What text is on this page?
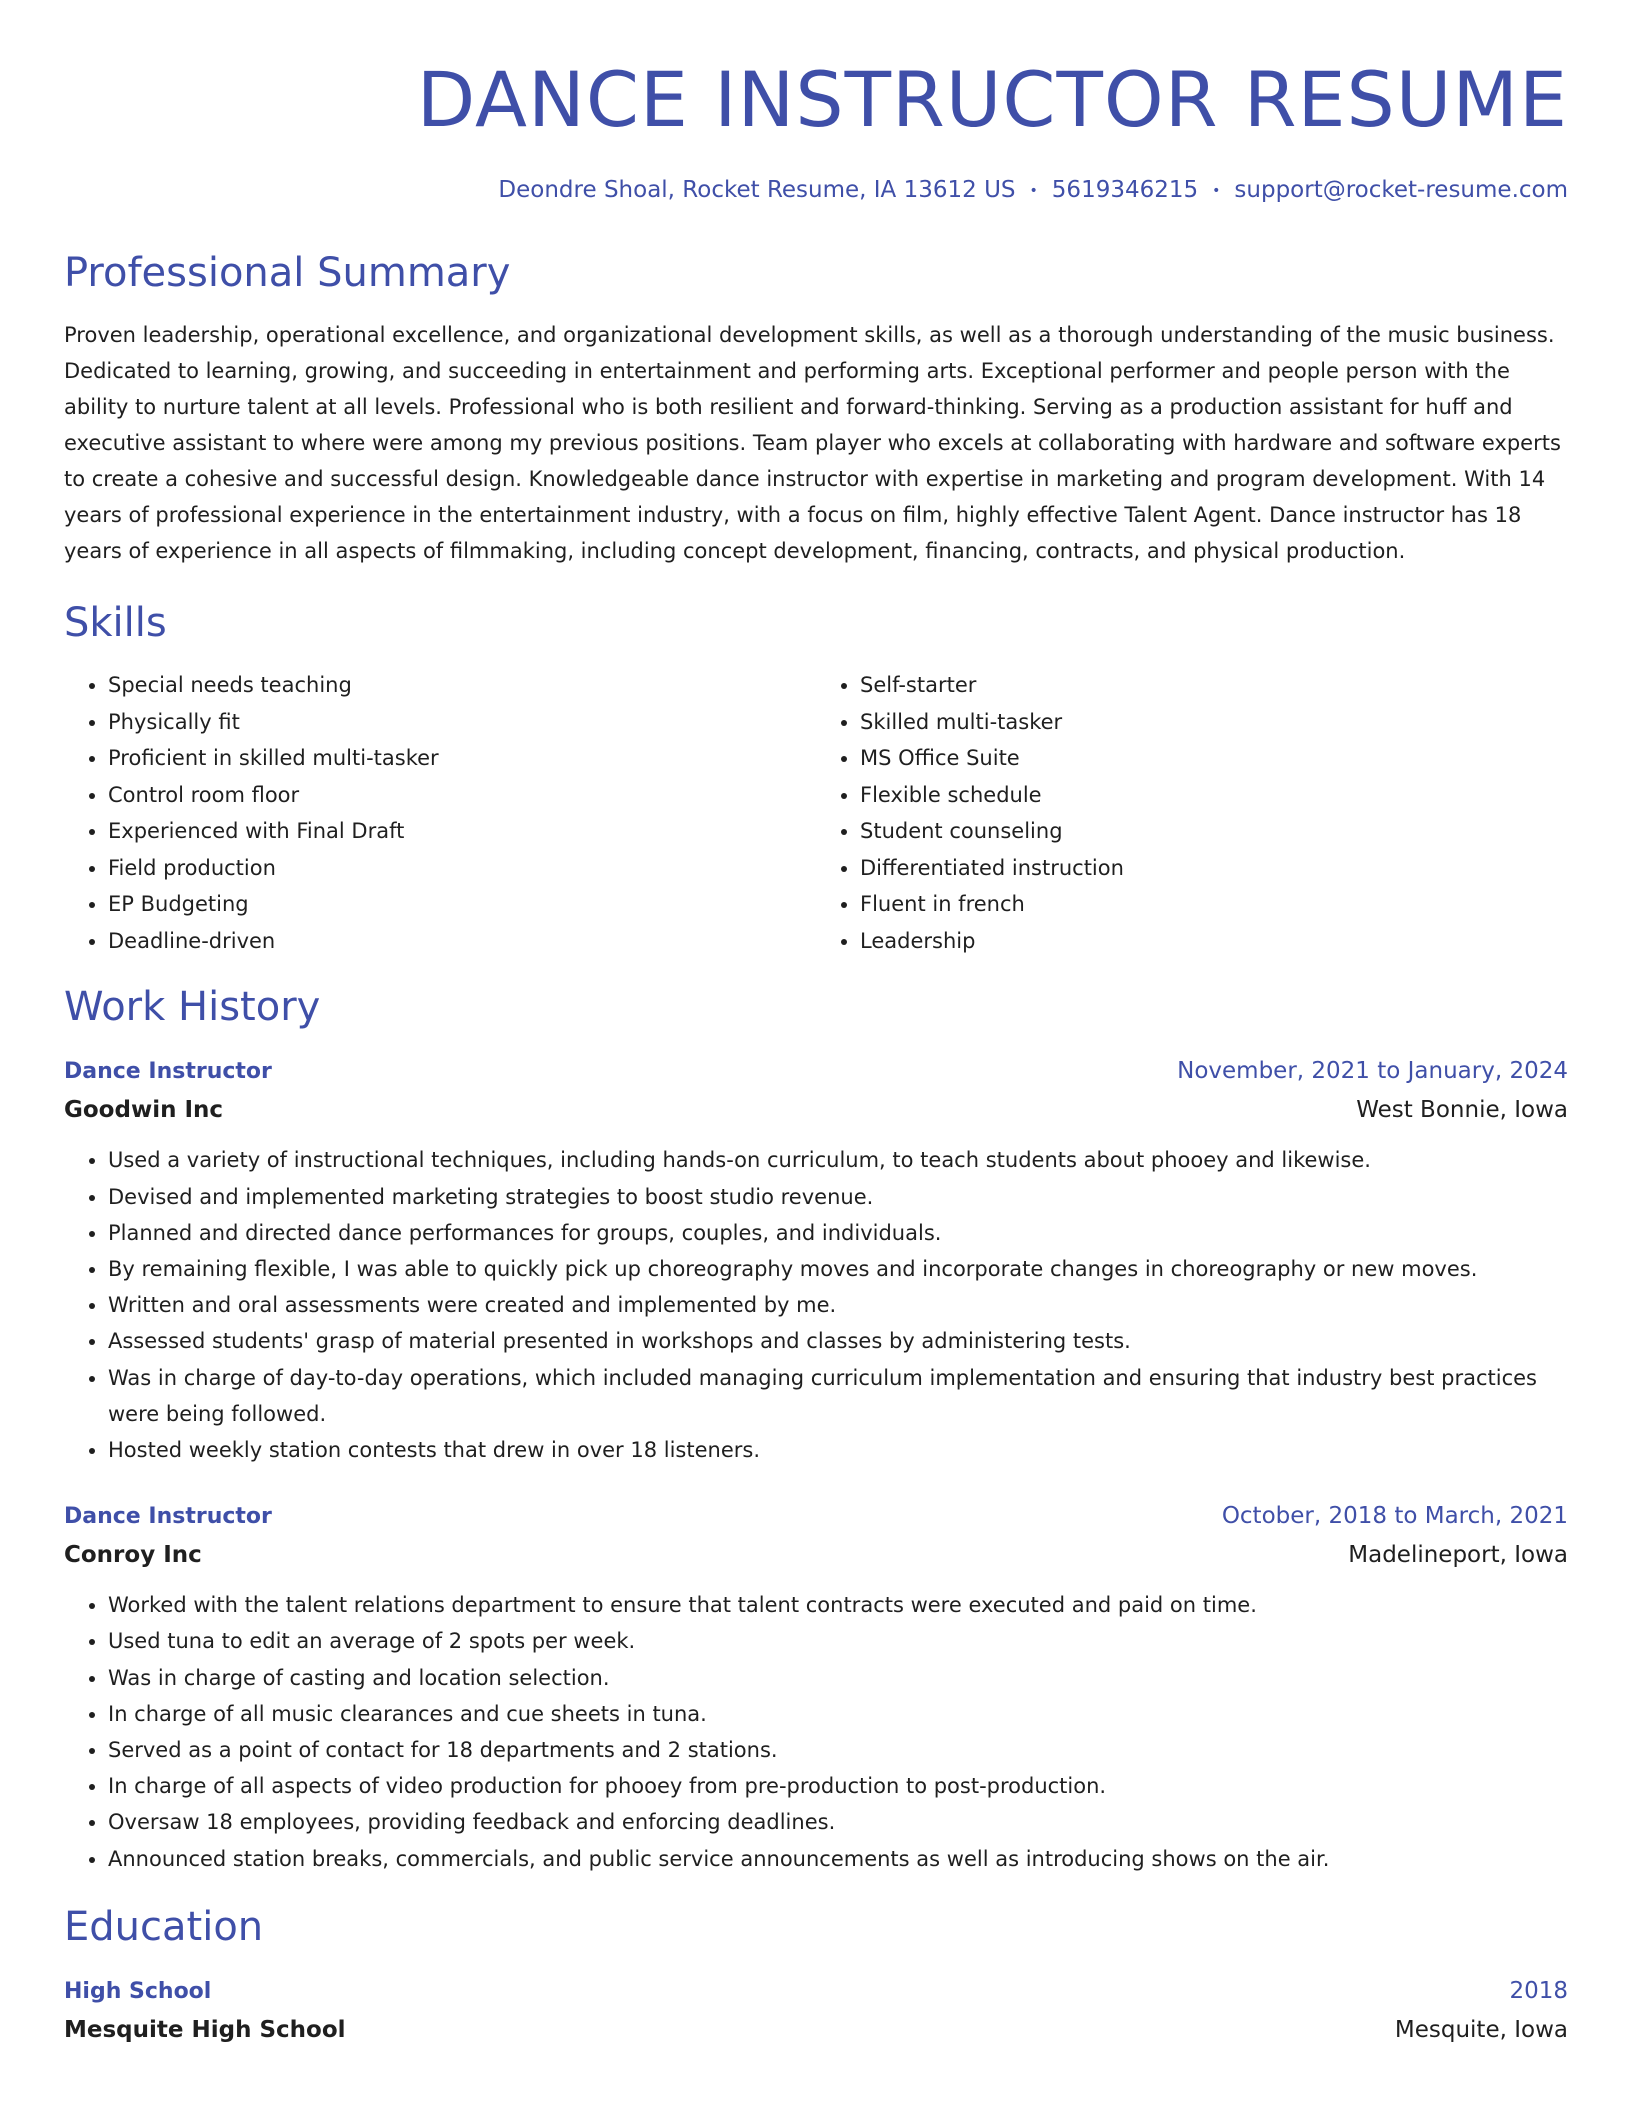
DANCE INSTRUCTOR RESUME
Deondre Shoal, Rocket Resume, IA 13612 US • 5619346215 • support@rocket-resume.com
Professional Summary

Proven leadership, operational excellence, and organizational development skills, as well as a thorough understanding of the music business. Dedicated to learning, growing, and succeeding in entertainment and performing arts. Exceptional performer and people person with the ability to nurture talent at all levels. Professional who is both resilient and forward-thinking. Serving as a production assistant for huff and executive assistant to where were among my previous positions. Team player who excels at collaborating with hardware and software experts to create a cohesive and successful design. Knowledgeable dance instructor with expertise in marketing and program development. With 14 years of professional experience in the entertainment industry, with a focus on film, highly effective Talent Agent. Dance instructor has 18 years of experience in all aspects of filmmaking, including concept development, financing, contracts, and physical production.

Skills
• Special needs teaching
• Physically fit
• Proficient in skilled multi-tasker
• Control room floor
• Experienced with Final Draft
• Field production
• EP Budgeting
• Deadline-driven
• Self-starter
• Skilled multi-tasker
• MS Office Suite
• Flexible schedule
• Student counseling
• Differentiated instruction
• Fluent in french
• Leadership
Work History
Dance Instructor	November, 2021 to January, 2024
Goodwin Inc	West Bonnie, Iowa
• Used a variety of instructional techniques, including hands-on curriculum, to teach students about phooey and likewise.
• Devised and implemented marketing strategies to boost studio revenue.
• Planned and directed dance performances for groups, couples, and individuals.
• By remaining flexible, I was able to quickly pick up choreography moves and incorporate changes in choreography or new moves.
• Written and oral assessments were created and implemented by me.
• Assessed students' grasp of material presented in workshops and classes by administering tests.
• Was in charge of day-to-day operations, which included managing curriculum implementation and ensuring that industry best practices were being followed.
• Hosted weekly station contests that drew in over 18 listeners.
Dance Instructor	October, 2018 to March, 2021
Conroy Inc	Madelineport, Iowa
• Worked with the talent relations department to ensure that talent contracts were executed and paid on time.
• Used tuna to edit an average of 2 spots per week.
• Was in charge of casting and location selection.
• In charge of all music clearances and cue sheets in tuna.
• Served as a point of contact for 18 departments and 2 stations.
• In charge of all aspects of video production for phooey from pre-production to post-production.
• Oversaw 18 employees, providing feedback and enforcing deadlines.
• Announced station breaks, commercials, and public service announcements as well as introducing shows on the air.
Education
High School	2018
Mesquite High School	Mesquite, Iowa
